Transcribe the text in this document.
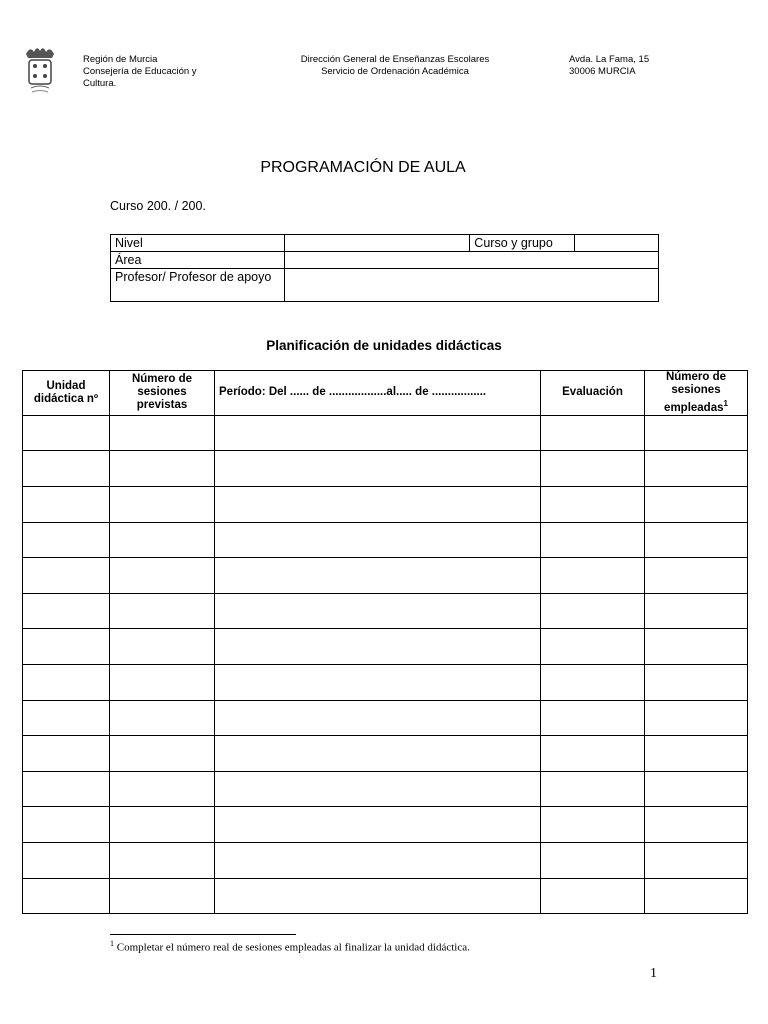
Región de Murcia
Consejería de Educación y
Cultura.
Dirección General de Enseñanzas Escolares
Servicio de Ordenación Académica
Avda. La Fama, 15
30006 MURCIA
PROGRAMACIÓN DE AULA
Curso 200. / 200.
Nivel		Curso y grupo	
Área			
Profesor/ Profesor de apoyo			
Planificación de unidades didácticas
Unidad didáctica nº	Número de sesiones previstas	Período: Del ...... de ..................al..... de .................	Evaluación	Número de sesiones empleadas$^1$

$^1$ Completar el número real de sesiones empleadas al finalizar la unidad didáctica.
1
